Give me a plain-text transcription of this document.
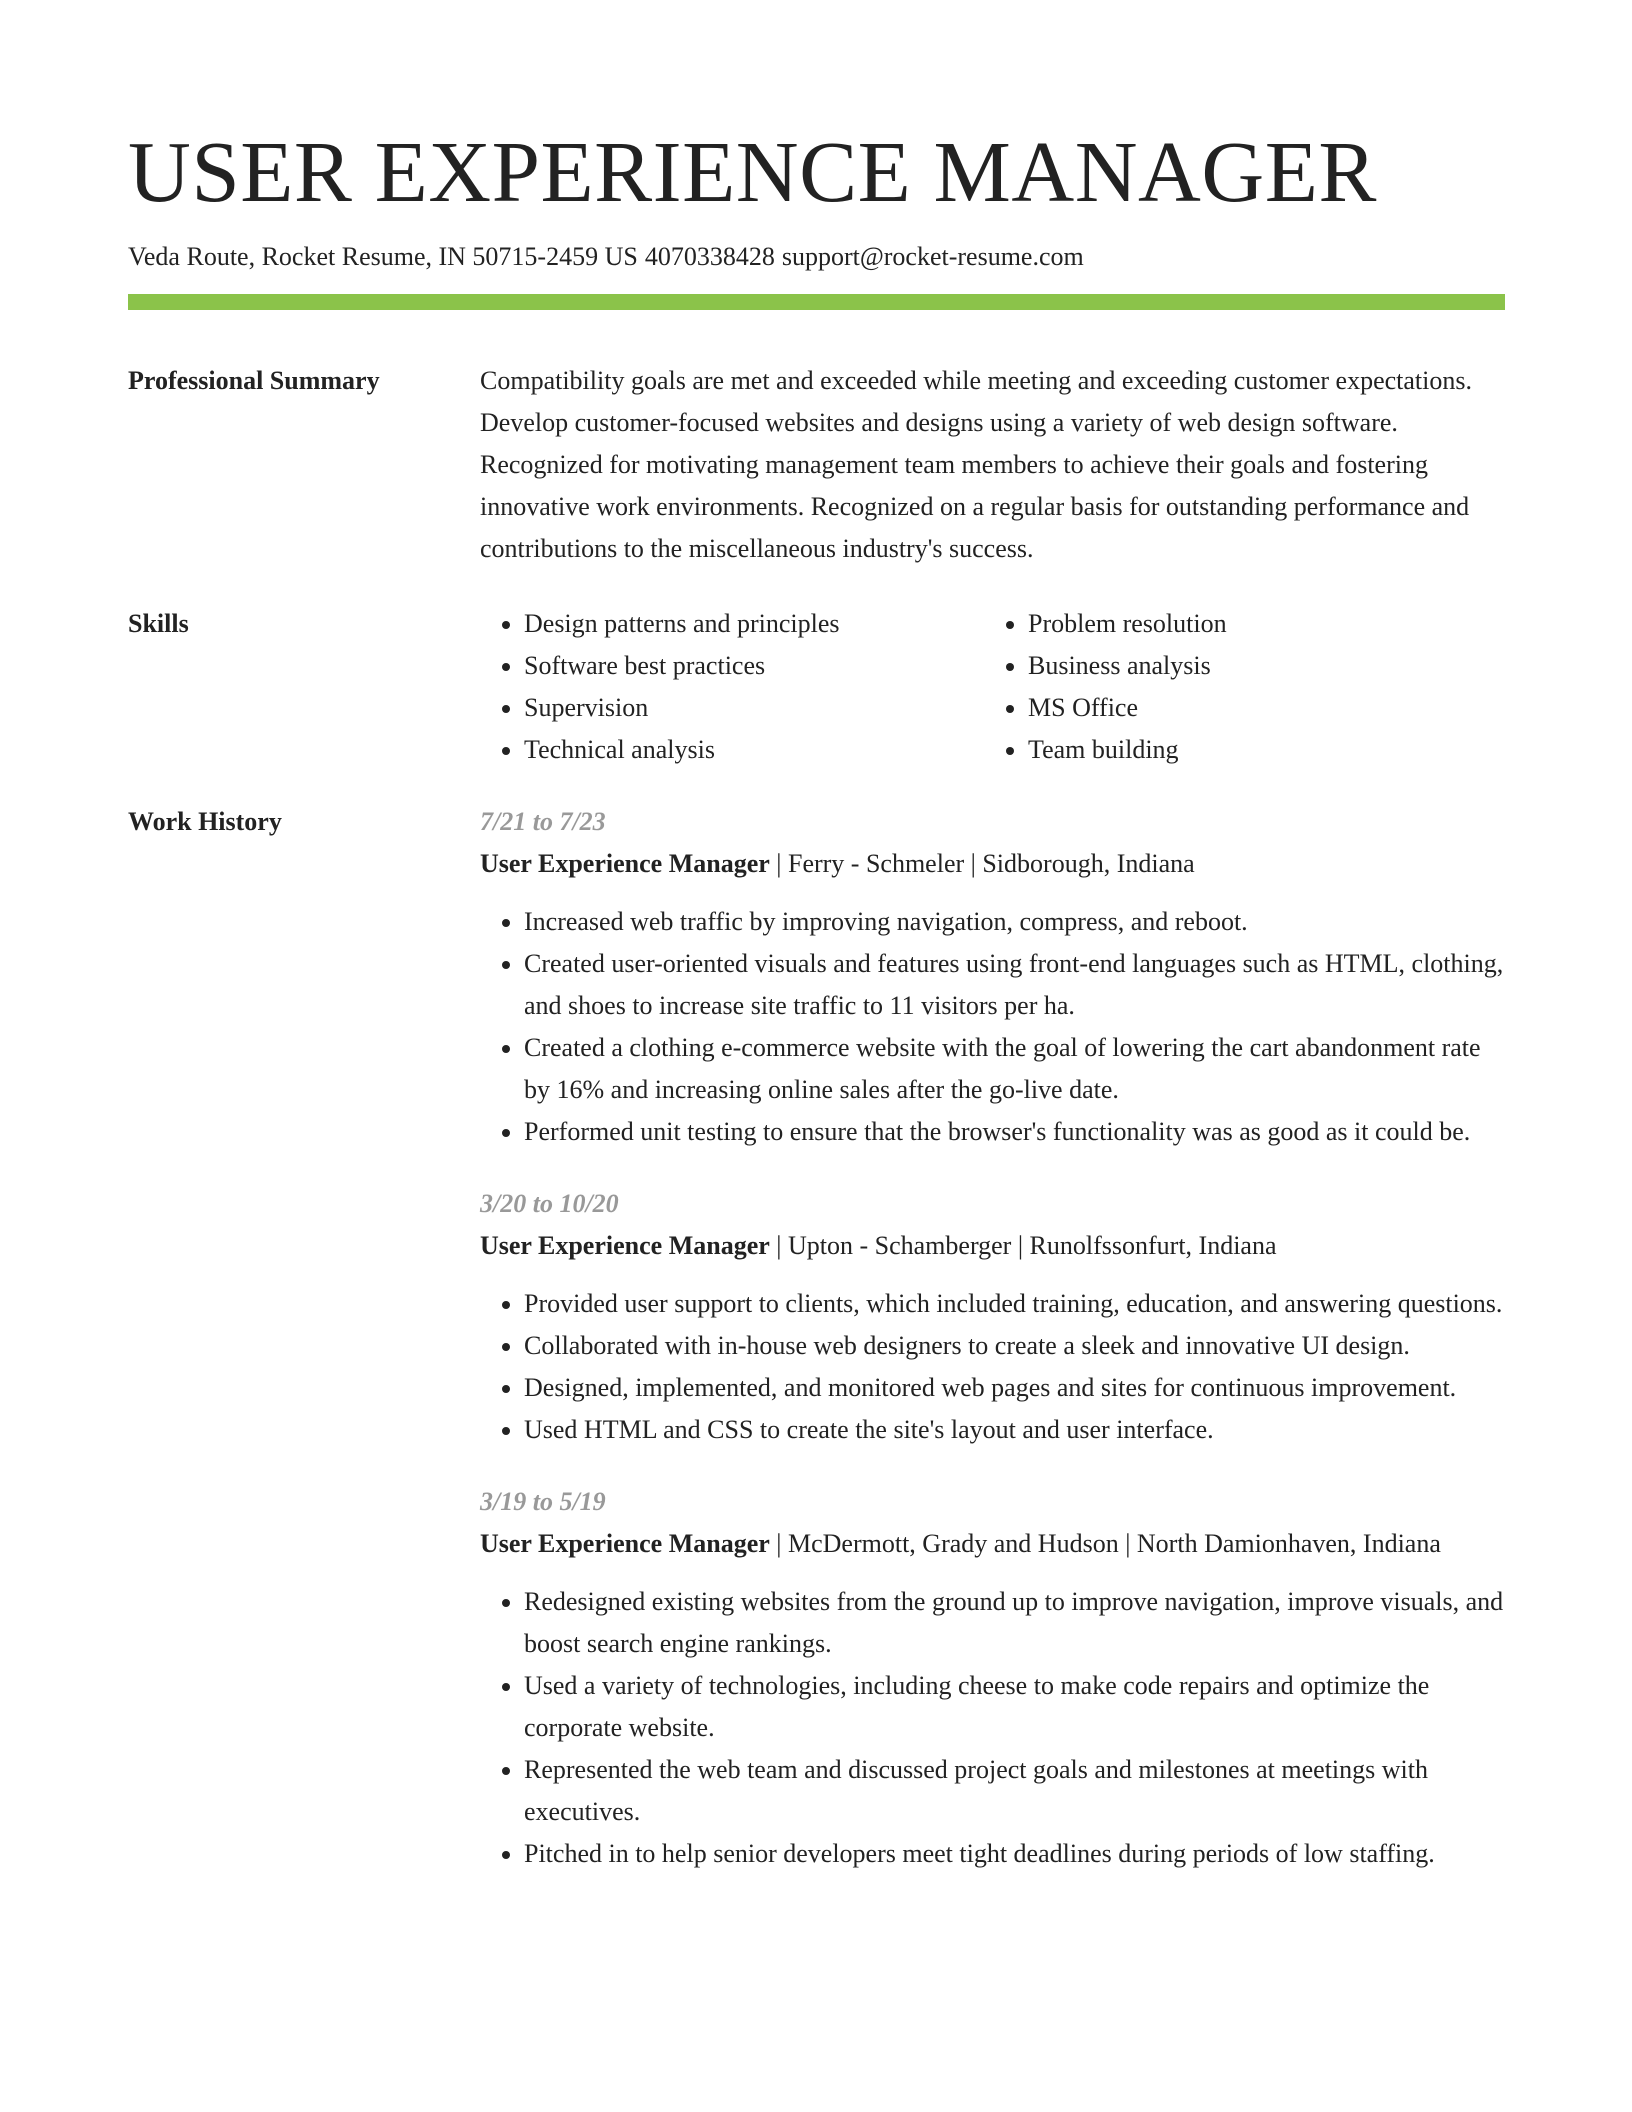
USER EXPERIENCE MANAGER
Veda Route, Rocket Resume, IN 50715-2459 US 4070338428 support@rocket-resume.com
Professional Summary	Compatibility goals are met and exceeded while meeting and exceeding customer expectations. Develop customer-focused websites and designs using a variety of web design software. Recognized for motivating management team members to achieve their goals and fostering innovative work environments. Recognized on a regular basis for outstanding performance and contributions to the miscellaneous industry's success.
Skills
•	Design patterns and principles
• Software best practices
• Supervision
• Technical analysis
• Problem resolution
• Business analysis
• MS Office
• Team building
Work History	7/21 to 7/23
User Experience Manager | Ferry - Schmeler | Sidborough, Indiana
• Increased web traffic by improving navigation, compress, and reboot.
• Created user-oriented visuals and features using front-end languages such as HTML, clothing, and shoes to increase site traffic to 11 visitors per ha.
• Created a clothing e-commerce website with the goal of lowering the cart abandonment rate by 16% and increasing online sales after the go-live date.
• Performed unit testing to ensure that the browser's functionality was as good as it could be.
3/20 to 10/20
User Experience Manager | Upton - Schamberger | Runolfssonfurt, Indiana
• Provided user support to clients, which included training, education, and answering questions.
• Collaborated with in-house web designers to create a sleek and innovative UI design.
• Designed, implemented, and monitored web pages and sites for continuous improvement.
• Used HTML and CSS to create the site's layout and user interface.
3/19 to 5/19
User Experience Manager | McDermott, Grady and Hudson | North Damionhaven, Indiana
• Redesigned existing websites from the ground up to improve navigation, improve visuals, and boost search engine rankings.
• Used a variety of technologies, including cheese to make code repairs and optimize the corporate website.
• Represented the web team and discussed project goals and milestones at meetings with executives.
• Pitched in to help senior developers meet tight deadlines during periods of low staffing.
